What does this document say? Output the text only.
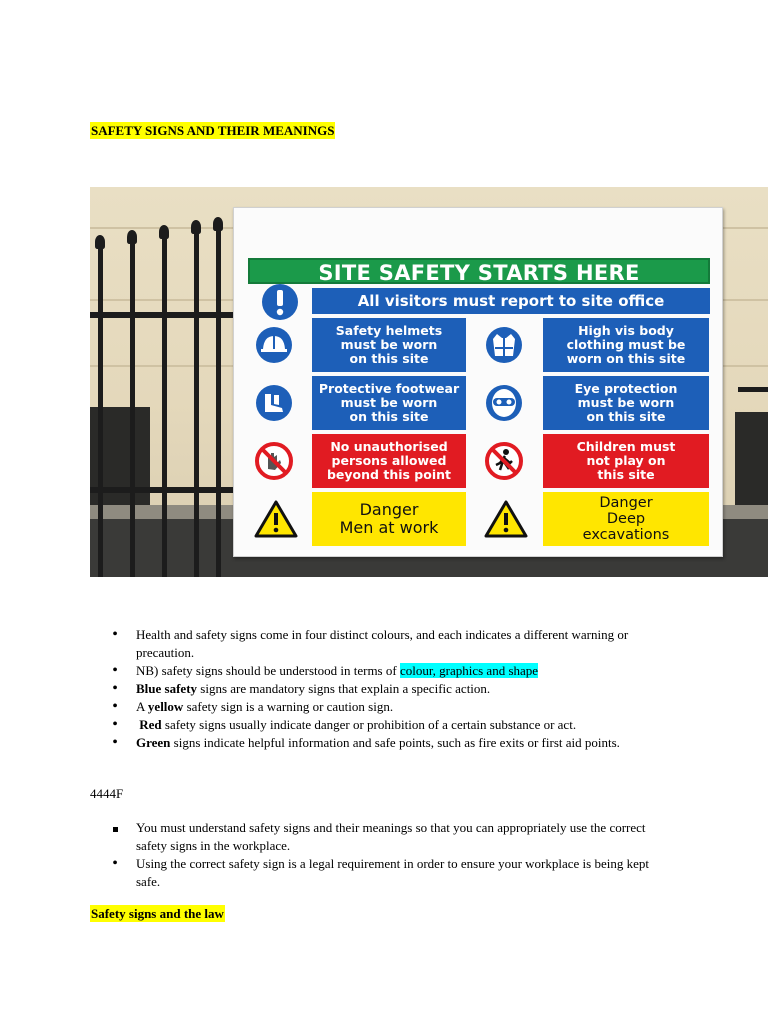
SAFETY SIGNS AND THEIR MEANINGS
SITE SAFETY STARTS HERE
All visitors must report to site office
Safety helmets
must be worn
on this site
High vis body
clothing must be
worn on this site
Protective footwear
must be worn
on this site
Eye protection
must be worn
on this site
No unauthorised
persons allowed
beyond this point
Children must
not play on
this site
Danger
Men at work
Danger
Deep
excavations
•
Health and safety signs come in four distinct colours, and each indicates a different warning or precaution.
•
NB) safety signs should be understood in terms of colour, graphics and shape
•
Blue safety signs are mandatory signs that explain a specific action.
•
A yellow safety sign is a warning or caution sign.
•
Red safety signs usually indicate danger or prohibition of a certain substance or act.
•
Green signs indicate helpful information and safe points, such as fire exits or first aid points.
4444F
You must understand safety signs and their meanings so that you can appropriately use the correct safety signs in the workplace.
•
Using the correct safety sign is a legal requirement in order to ensure your workplace is being kept safe.
Safety signs and the law
